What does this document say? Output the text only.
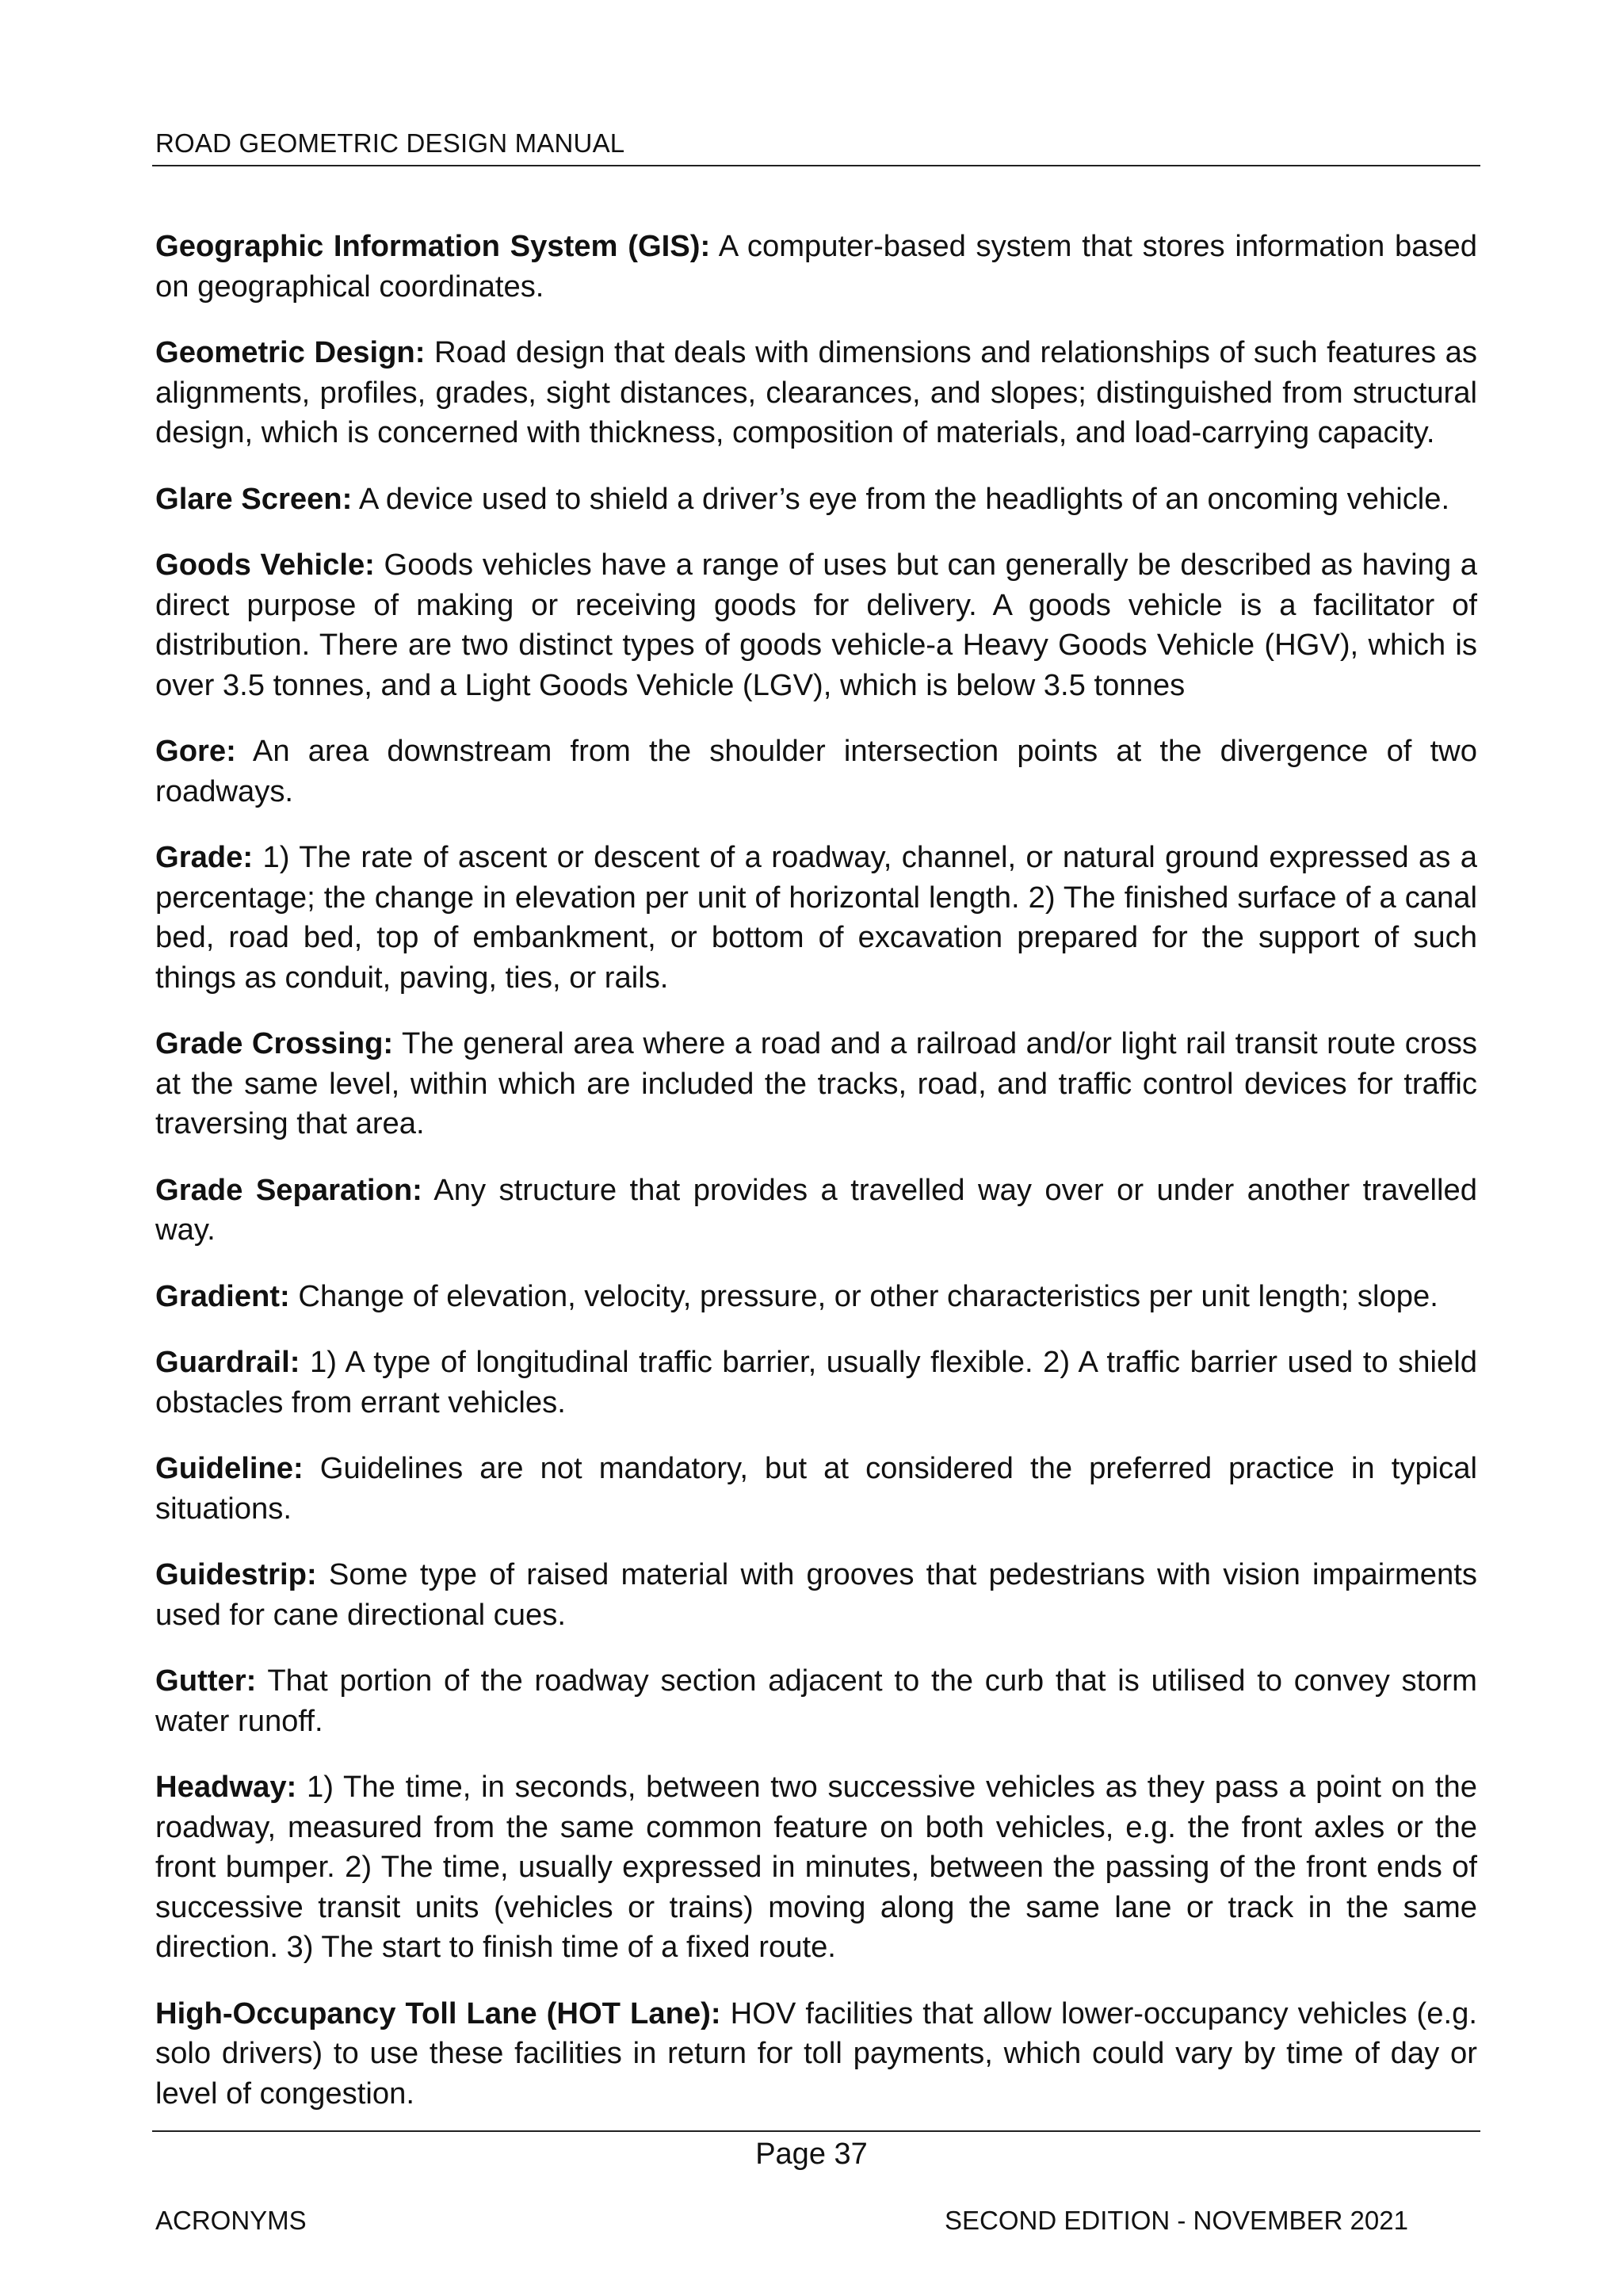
ROAD GEOMETRIC DESIGN MANUAL

Geographic Information System (GIS): A computer-based system that stores information based on geographical coordinates.

Geometric Design: Road design that deals with dimensions and relationships of such features as alignments, profiles, grades, sight distances, clearances, and slopes; distinguished from structural design, which is concerned with thickness, composition of materials, and load-carrying capacity.

Glare Screen: A device used to shield a driver’s eye from the headlights of an oncoming vehicle.

Goods Vehicle: Goods vehicles have a range of uses but can generally be described as having a direct purpose of making or receiving goods for delivery. A goods vehicle is a facilitator of distribution. There are two distinct types of goods vehicle-a Heavy Goods Vehicle (HGV), which is over 3.5 tonnes, and a Light Goods Vehicle (LGV), which is below 3.5 tonnes

Gore: An area downstream from the shoulder intersection points at the divergence of two roadways.

Grade: 1) The rate of ascent or descent of a roadway, channel, or natural ground expressed as a percentage; the change in elevation per unit of horizontal length. 2) The finished surface of a canal bed, road bed, top of embankment, or bottom of excavation prepared for the support of such things as conduit, paving, ties, or rails.

Grade Crossing: The general area where a road and a railroad and/or light rail transit route cross at the same level, within which are included the tracks, road, and traffic control devices for traffic traversing that area.

Grade Separation: Any structure that provides a travelled way over or under another travelled way.

Gradient: Change of elevation, velocity, pressure, or other characteristics per unit length; slope.

Guardrail: 1) A type of longitudinal traffic barrier, usually flexible. 2) A traffic barrier used to shield obstacles from errant vehicles.

Guideline: Guidelines are not mandatory, but at considered the preferred practice in typical situations.

Guidestrip: Some type of raised material with grooves that pedestrians with vision impairments used for cane directional cues.

Gutter: That portion of the roadway section adjacent to the curb that is utilised to convey storm water runoff.

Headway: 1) The time, in seconds, between two successive vehicles as they pass a point on the roadway, measured from the same common feature on both vehicles, e.g. the front axles or the front bumper. 2) The time, usually expressed in minutes, between the passing of the front ends of successive transit units (vehicles or trains) moving along the same lane or track in the same direction. 3) The start to finish time of a fixed route.

High-Occupancy Toll Lane (HOT Lane): HOV facilities that allow lower-occupancy vehicles (e.g. solo drivers) to use these facilities in return for toll payments, which could vary by time of day or level of congestion.

Page 37
ACRONYMS	SECOND EDITION - NOVEMBER 2021
